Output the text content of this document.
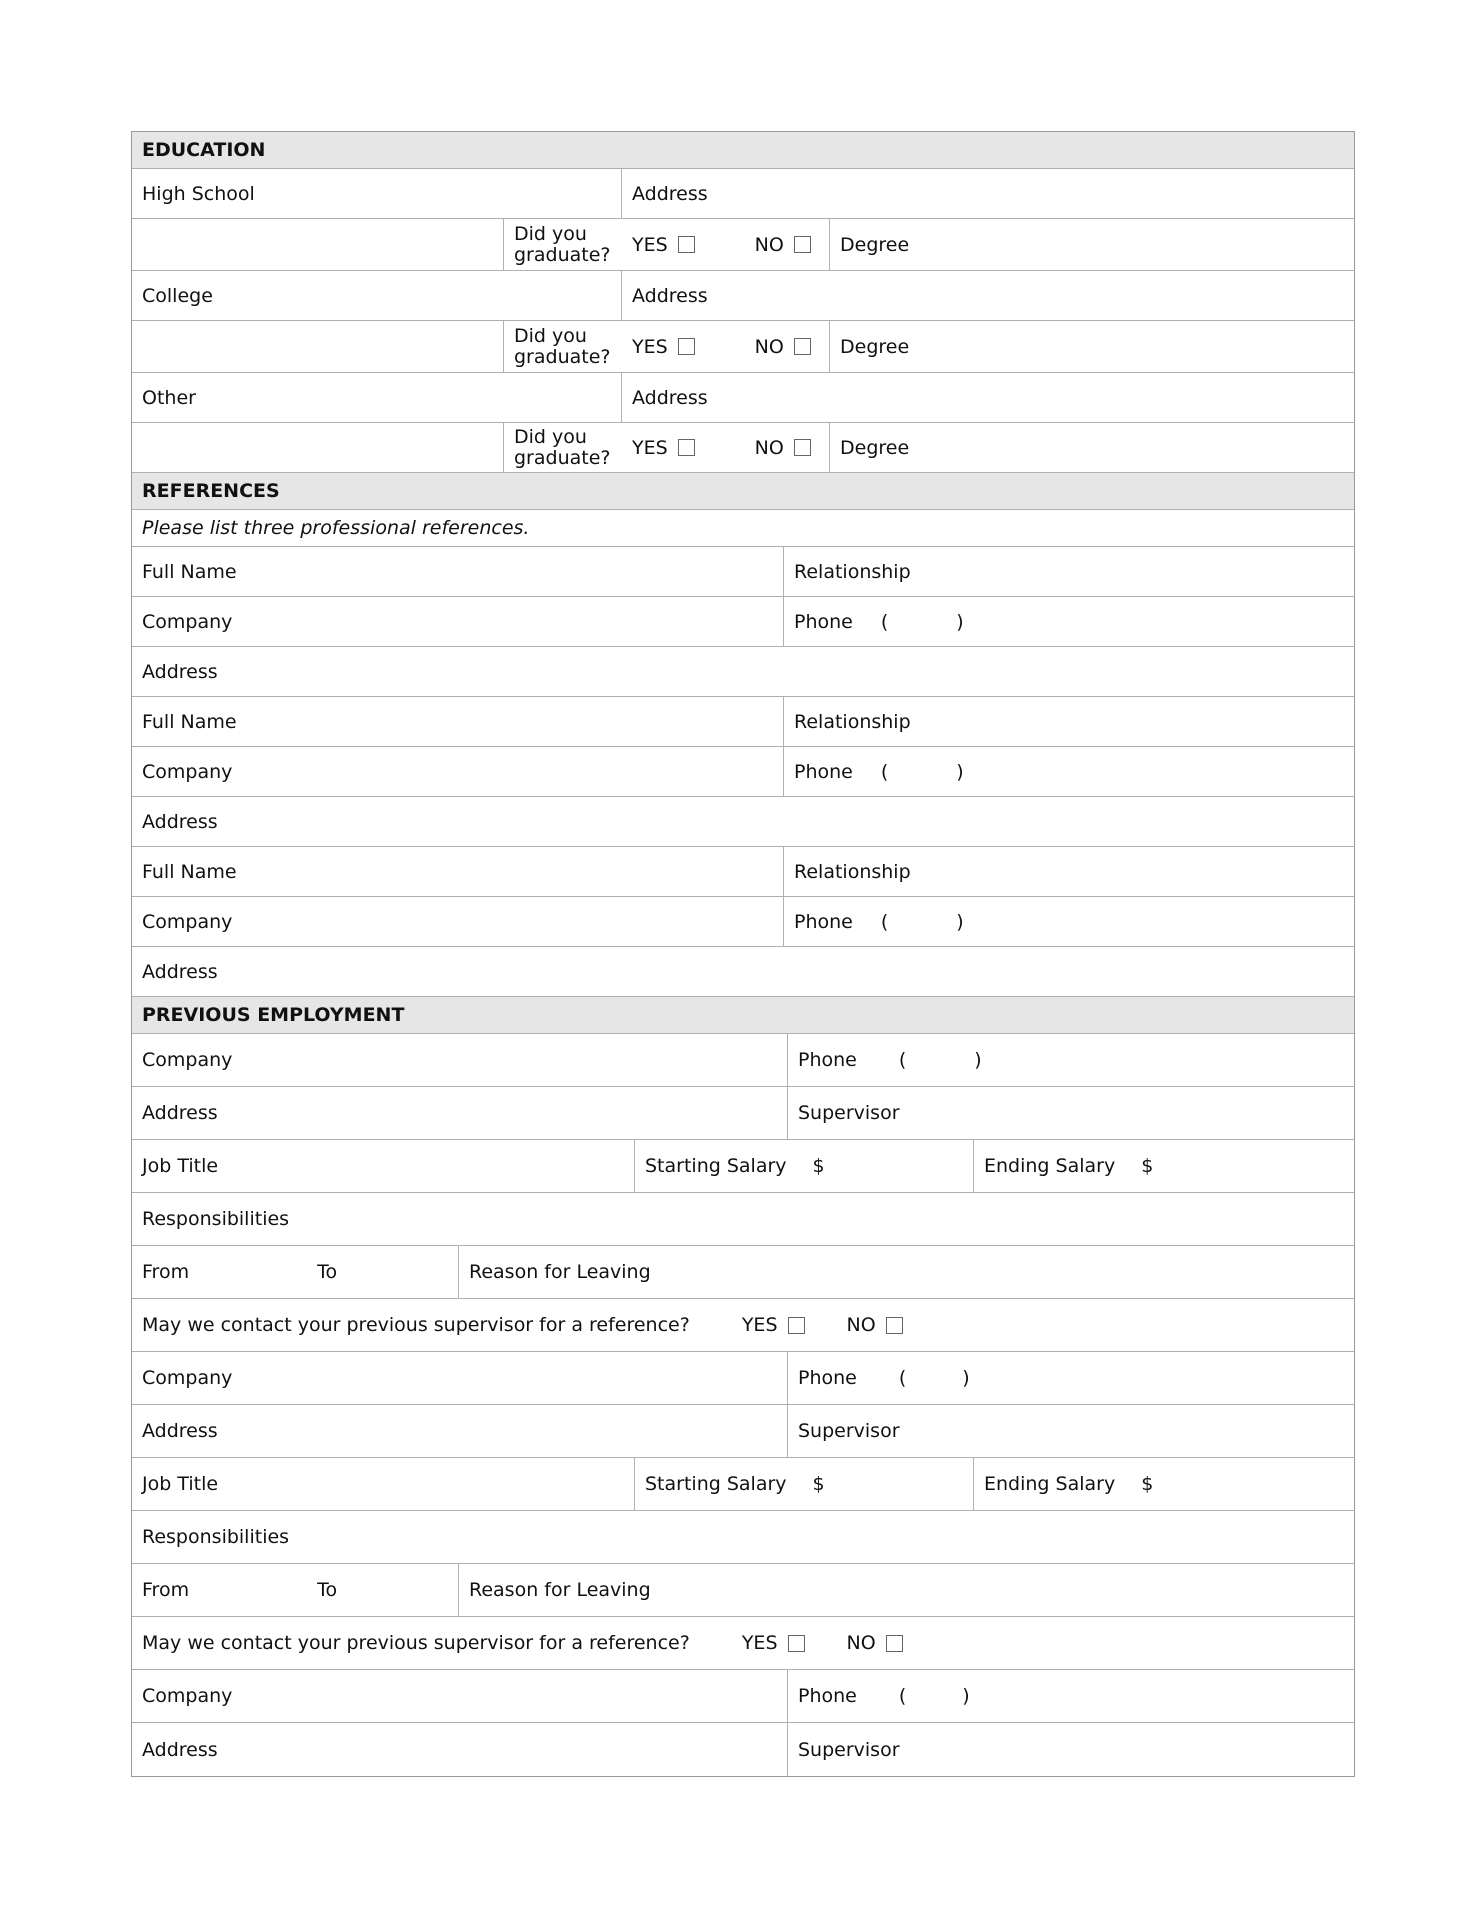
EDUCATION
High School	Address
Did you graduate? YES	NO	Degree
College	Address
Did you graduate? YES	NO	Degree
Other	Address
Did you graduate? YES	NO	Degree
REFERENCES
Please list three professional references.
Full Name	Relationship
Company	Phone (	)
Address
Full Name	Relationship
Company	Phone (	)
Address
Full Name	Relationship
Company	Phone (	)
Address
PREVIOUS EMPLOYMENT
Company	Phone (	)
Address	Supervisor
Job Title	Starting Salary $	Ending Salary $
Responsibilities
From	To	Reason for Leaving
May we contact your previous supervisor for a reference?	YES	NO
Company	Phone (	)
Address	Supervisor
Job Title	Starting Salary $	Ending Salary $
Responsibilities
From	To	Reason for Leaving
May we contact your previous supervisor for a reference?	YES	NO
Company	Phone (	)
Address	Supervisor
